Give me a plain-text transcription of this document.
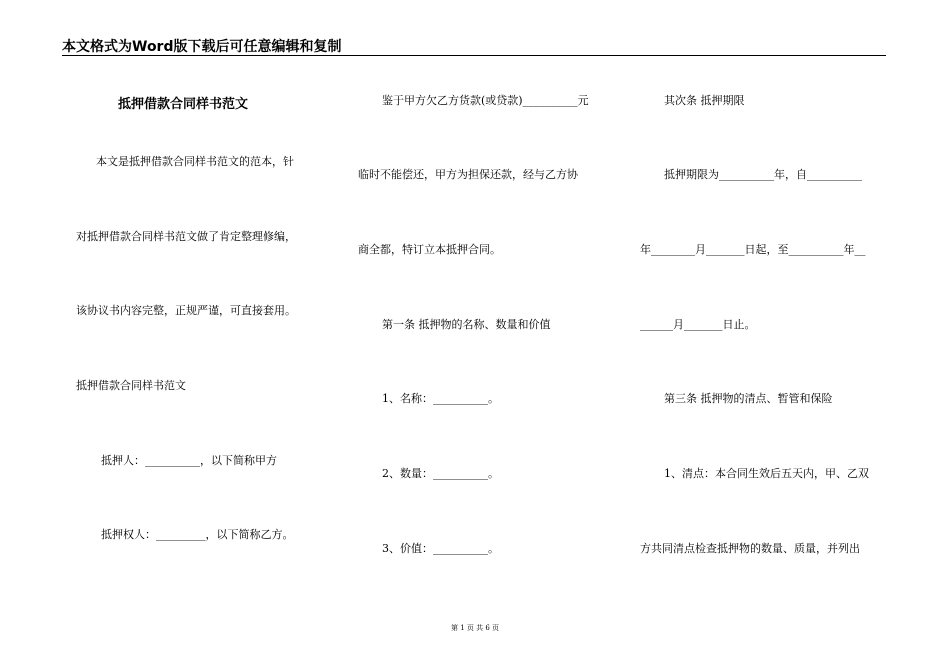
本文格式为Word版下载后可任意编辑和复制
抵押借款合同样书范文
本文是抵押借款合同样书范文的范本，针
对抵押借款合同样书范文做了肯定整理修编，
该协议书内容完整，正规严谨，可直接套用。
抵押借款合同样书范文
抵押人：__________，以下简称甲方
抵押权人：_________，以下简称乙方。
鉴于甲方欠乙方货款(或贷款)__________元
临时不能偿还，甲方为担保还款，经与乙方协
商全都，特订立本抵押合同。
第一条 抵押物的名称、数量和价值
1、名称：__________。
2、数量：__________。
3、价值：__________。
其次条 抵押期限
抵押期限为__________年，自__________
年________月_______日起，至__________年__
______月_______日止。
第三条 抵押物的清点、暂管和保险
1、清点：本合同生效后五天内，甲、乙双
方共同清点检查抵押物的数量、质量，并列出
第 1 页 共 6 页
